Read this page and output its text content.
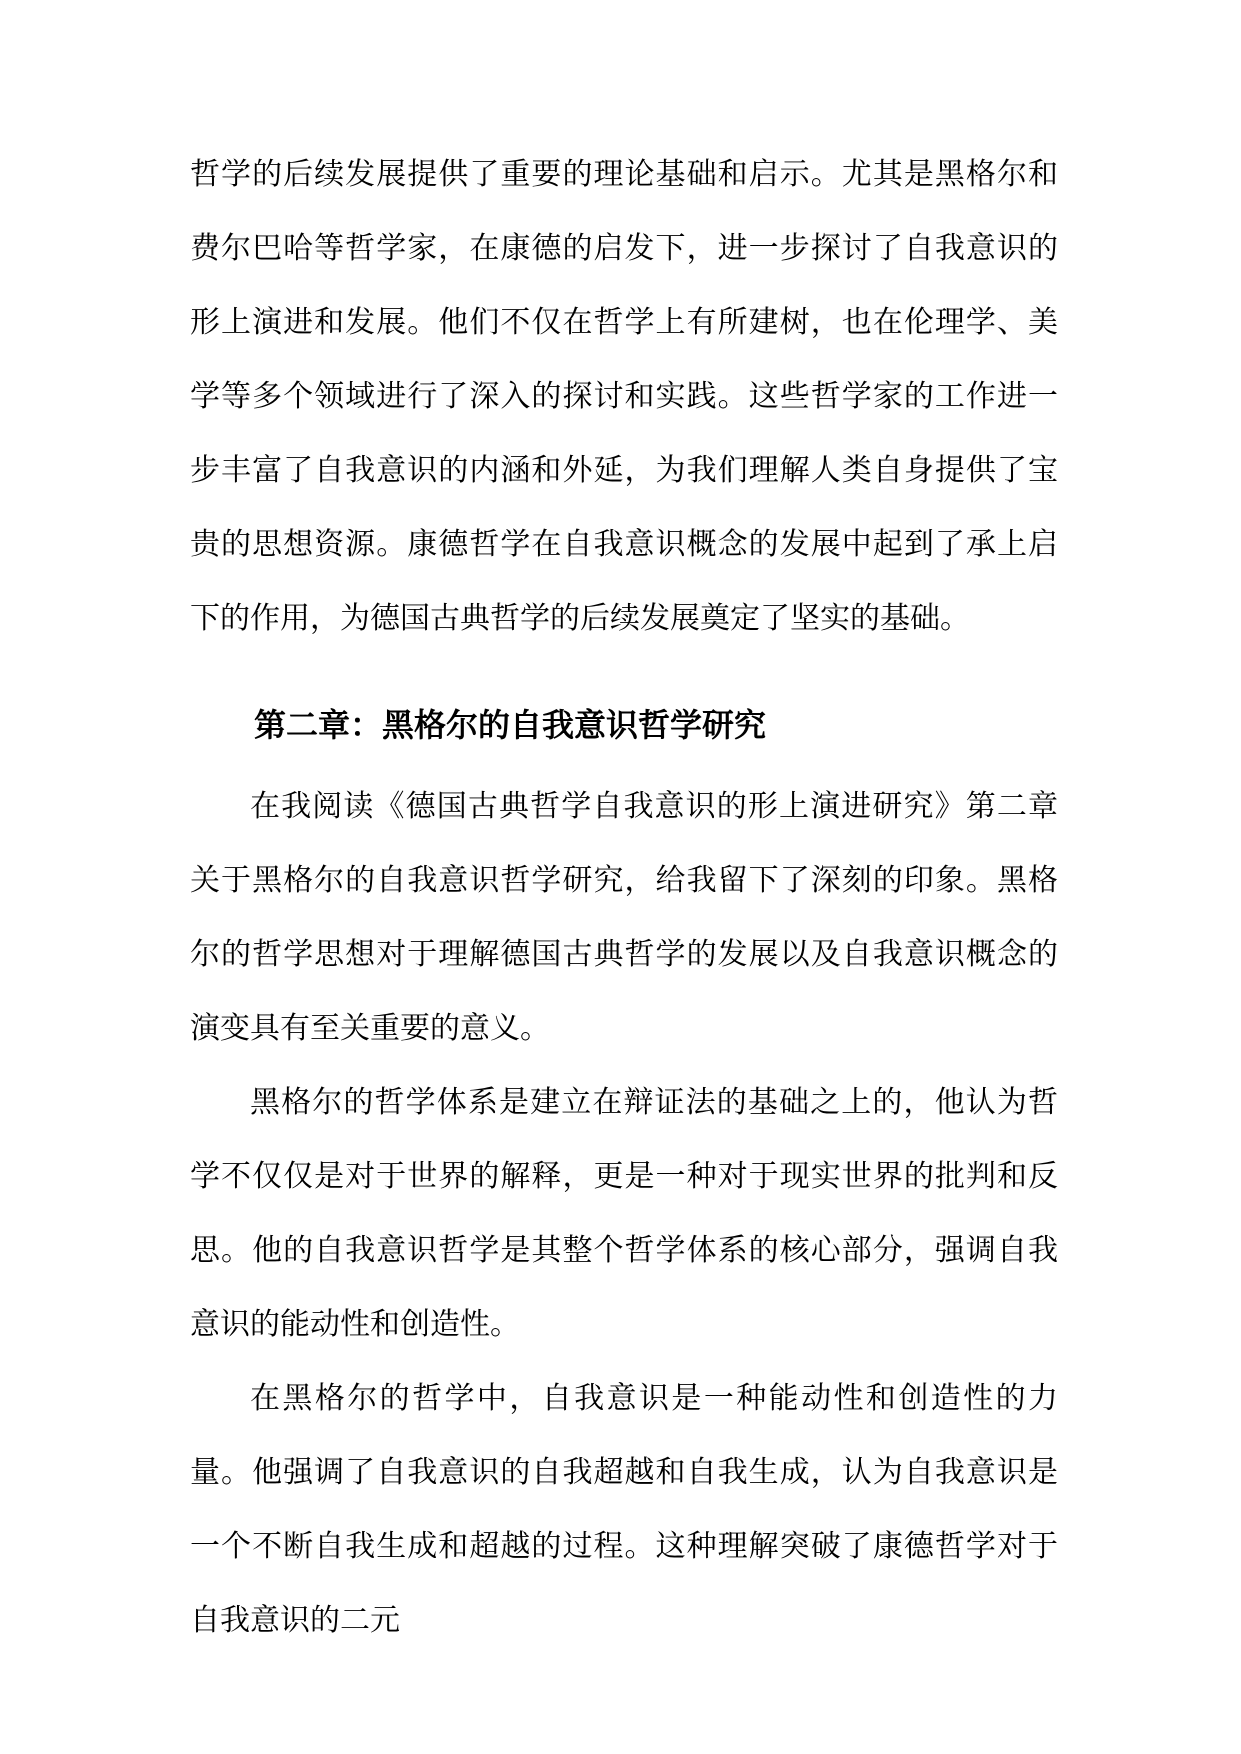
哲学的后续发展提供了重要的理论基础和启示。尤其是黑格尔和费尔巴哈等哲学家，在康德的启发下，进一步探讨了自我意识的形上演进和发展。他们不仅在哲学上有所建树，也在伦理学、美学等多个领域进行了深入的探讨和实践。这些哲学家的工作进一步丰富了自我意识的内涵和外延，为我们理解人类自身提供了宝贵的思想资源。康德哲学在自我意识概念的发展中起到了承上启下的作用，为德国古典哲学的后续发展奠定了坚实的基础。

第二章：黑格尔的自我意识哲学研究

在我阅读《德国古典哲学自我意识的形上演进研究》第二章关于黑格尔的自我意识哲学研究，给我留下了深刻的印象。黑格尔的哲学思想对于理解德国古典哲学的发展以及自我意识概念的演变具有至关重要的意义。

黑格尔的哲学体系是建立在辩证法的基础之上的，他认为哲学不仅仅是对于世界的解释，更是一种对于现实世界的批判和反思。他的自我意识哲学是其整个哲学体系的核心部分，强调自我意识的能动性和创造性。

在黑格尔的哲学中，自我意识是一种能动性和创造性的力量。他强调了自我意识的自我超越和自我生成，认为自我意识是一个不断自我生成和超越的过程。这种理解突破了康德哲学对于自我意识的二元
